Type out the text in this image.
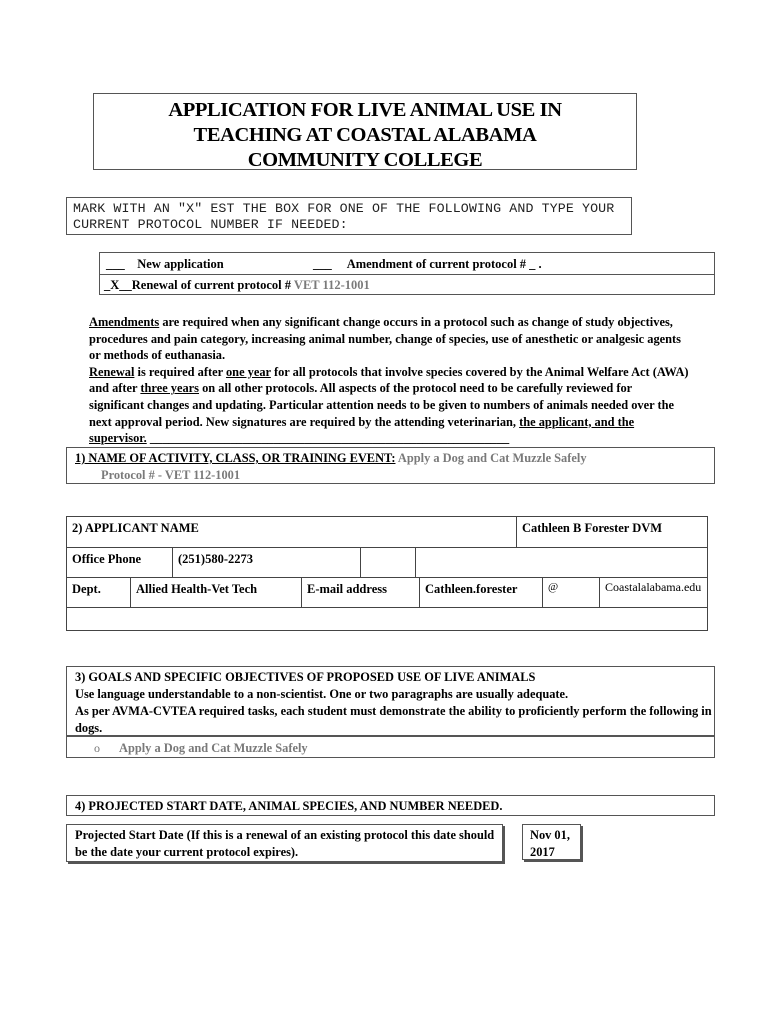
APPLICATION FOR LIVE ANIMAL USE IN
TEACHING AT COASTAL ALABAMA
COMMUNITY COLLEGE
MARK WITH AN "X" EST THE BOX FOR ONE OF THE FOLLOWING AND TYPE YOUR
CURRENT PROTOCOL NUMBER IF NEEDED:
___ New application	___ Amendment of current protocol # _ .
_X__Renewal of current protocol # VET 112-1001
Amendments are required when any significant change occurs in a protocol such as change of study objectives, procedures and pain category, increasing animal number, change of species, use of anesthetic or analgesic agents or methods of euthanasia.
Renewal is required after one year for all protocols that involve species covered by the Animal Welfare Act (AWA) and after three years on all other protocols. All aspects of the protocol need to be carefully reviewed for significant changes and updating. Particular attention needs to be given to numbers of animals needed over the next approval period. New signatures are required by the attending veterinarian, the applicant, and the supervisor. __________________________________________________________
1) NAME OF ACTIVITY, CLASS, OR TRAINING EVENT: Apply a Dog and Cat Muzzle Safely
Protocol # - VET 112-1001
2) APPLICANT NAME	Cathleen B Forester DVM
Office Phone	(251)580-2273		
Dept.	Allied Health-Vet Tech	E-mail address	Cathleen.forester	@	Coastalalabama.edu

3) GOALS AND SPECIFIC OBJECTIVES OF PROPOSED USE OF LIVE ANIMALS
Use language understandable to a non-scientist. One or two paragraphs are usually adequate.
As per AVMA-CVTEA required tasks, each student must demonstrate the ability to proficiently perform the following in dogs.
o Apply a Dog and Cat Muzzle Safely
4) PROJECTED START DATE, ANIMAL SPECIES, AND NUMBER NEEDED.
Projected Start Date (If this is a renewal of an existing protocol this date should be the date your current protocol expires).
Nov 01,
2017
